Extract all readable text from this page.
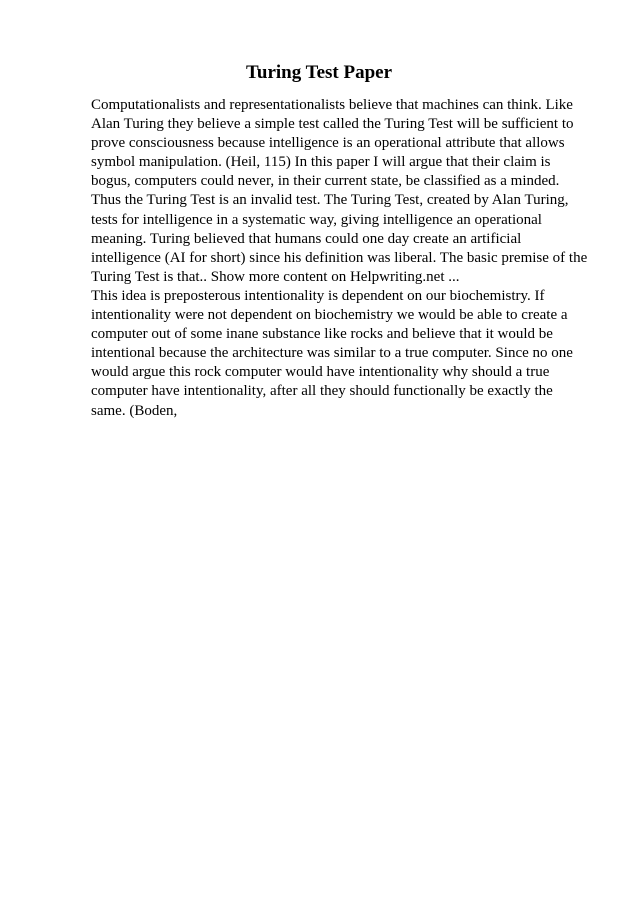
Turing Test Paper

Computationalists and representationalists believe that machines can think. Like Alan Turing they believe a simple test called the Turing Test will be sufficient to prove consciousness because intelligence is an operational attribute that allows symbol manipulation. (Heil, 115) In this paper I will argue that their claim is bogus, computers could never, in their current state, be classified as a minded. Thus the Turing Test is an invalid test. The Turing Test, created by Alan Turing, tests for intelligence in a systematic way, giving intelligence an operational meaning. Turing believed that humans could one day create an artificial intelligence (AI for short) since his definition was liberal. The basic premise of the Turing Test is that.. Show more content on Helpwriting.net ...

This idea is preposterous intentionality is dependent on our biochemistry. If intentionality were not dependent on biochemistry we would be able to create a computer out of some inane substance like rocks and believe that it would be intentional because the architecture was similar to a true computer. Since no one would argue this rock computer would have intentionality why should a true computer have intentionality, after all they should functionally be exactly the same. (Boden,
